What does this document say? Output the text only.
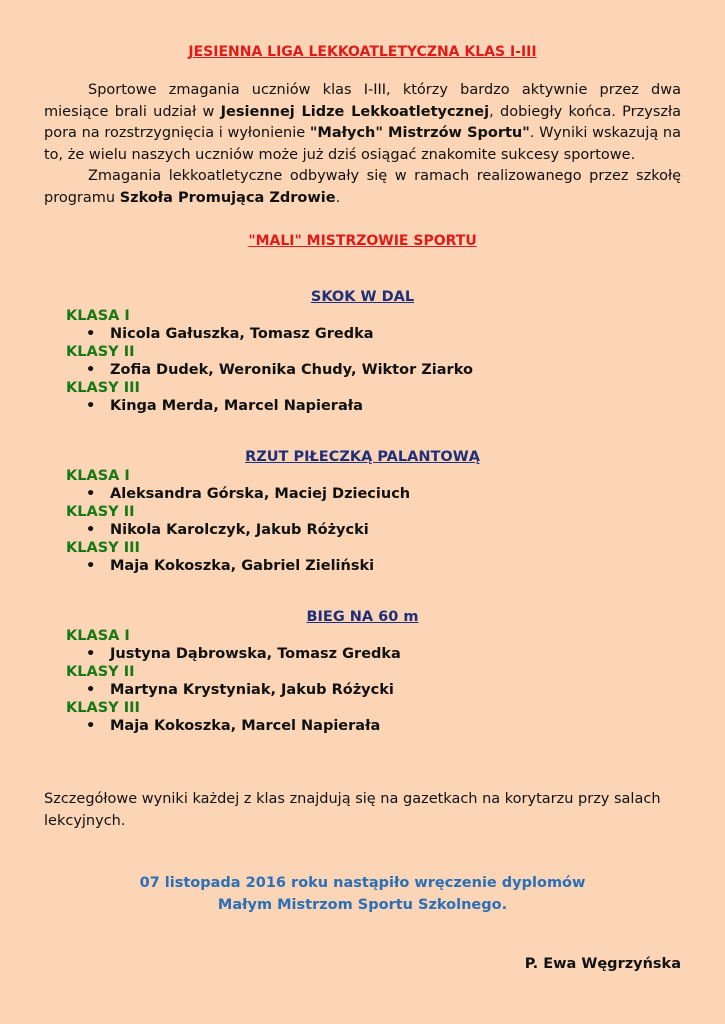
JESIENNA LIGA LEKKOATLETYCZNA KLAS I-III

Sportowe zmagania uczniów klas I-III, którzy bardzo aktywnie przez dwa miesiące brali udział w Jesiennej Lidze Lekkoatletycznej, dobiegły końca. Przyszła pora na rozstrzygnięcia i wyłonienie "Małych" Mistrzów Sportu". Wyniki wskazują na to, że wielu naszych uczniów może już dziś osiągać znakomite sukcesy sportowe.

Zmagania lekkoatletyczne odbywały się w ramach realizowanego przez szkołę programu Szkoła Promująca Zdrowie.

"MALI" MISTRZOWIE SPORTU
SKOK W DAL
KLASA I
• Nicola Gałuszka, Tomasz Gredka
KLASY II
• Zofia Dudek, Weronika Chudy, Wiktor Ziarko
KLASY III
• Kinga Merda, Marcel Napierała
RZUT PIŁECZKĄ PALANTOWĄ
KLASA I
• Aleksandra Górska, Maciej Dzieciuch
KLASY II
• Nikola Karolczyk, Jakub Różycki
KLASY III
• Maja Kokoszka, Gabriel Zieliński
BIEG NA 60 m
KLASA I
• Justyna Dąbrowska, Tomasz Gredka
KLASY II
• Martyna Krystyniak, Jakub Różycki
KLASY III
• Maja Kokoszka, Marcel Napierała
Szczegółowe wyniki każdej z klas znajdują się na gazetkach na korytarzu przy salach lekcyjnych.
07 listopada 2016 roku nastąpiło wręczenie dyplomów
Małym Mistrzom Sportu Szkolnego.
P. Ewa Węgrzyńska
